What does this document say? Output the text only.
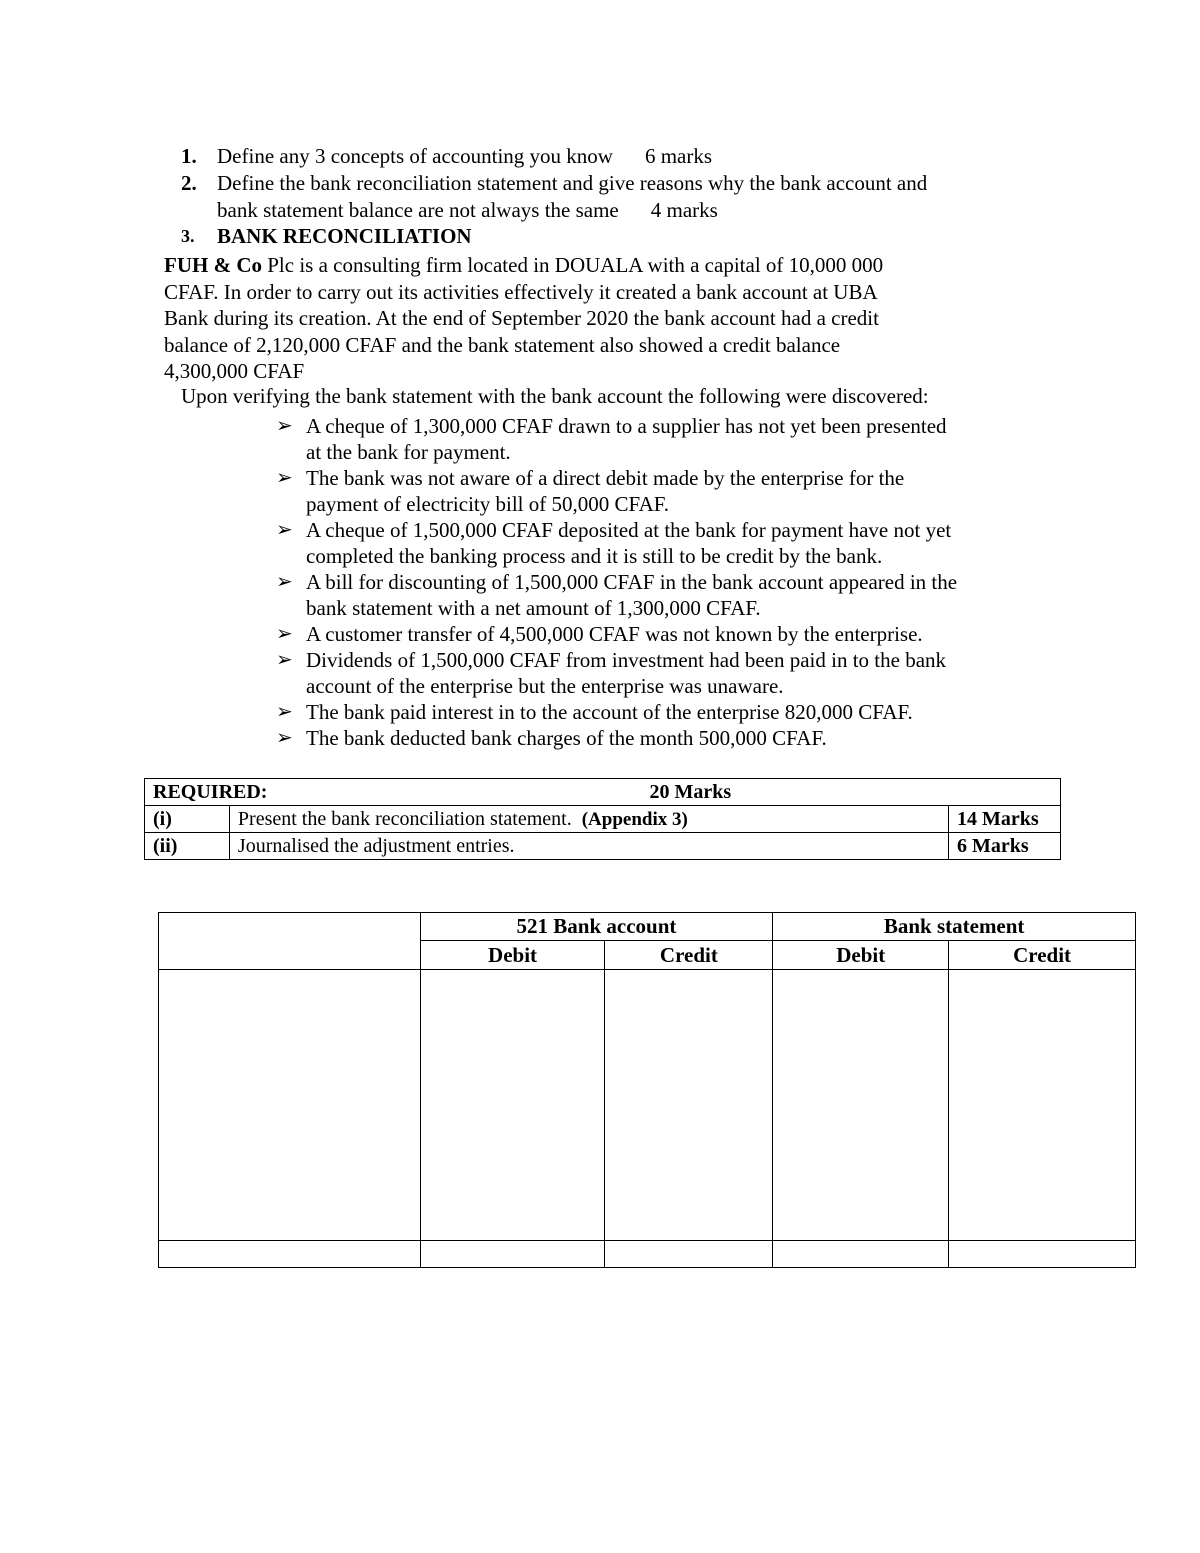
1. Define any 3 concepts of accounting you know 6 marks
2. Define the bank reconciliation statement and give reasons why the bank account and
bank statement balance are not always the same 4 marks
3. BANK RECONCILIATION
FUH & Co Plc is a consulting firm located in DOUALA with a capital of 10,000 000
CFAF. In order to carry out its activities effectively it created a bank account at UBA
Bank during its creation. At the end of September 2020 the bank account had a credit
balance of 2,120,000 CFAF and the bank statement also showed a credit balance
4,300,000 CFAF
Upon verifying the bank statement with the bank account the following were discovered:
➢ A cheque of 1,300,000 CFAF drawn to a supplier has not yet been presented
at the bank for payment.
➢ The bank was not aware of a direct debit made by the enterprise for the
payment of electricity bill of 50,000 CFAF.
➢ A cheque of 1,500,000 CFAF deposited at the bank for payment have not yet
completed the banking process and it is still to be credit by the bank.
➢ A bill for discounting of 1,500,000 CFAF in the bank account appeared in the
bank statement with a net amount of 1,300,000 CFAF.
➢ A customer transfer of 4,500,000 CFAF was not known by the enterprise.
➢ Dividends of 1,500,000 CFAF from investment had been paid in to the bank
account of the enterprise but the enterprise was unaware.
➢ The bank paid interest in to the account of the enterprise 820,000 CFAF.
➢ The bank deducted bank charges of the month 500,000 CFAF.
REQUIRED: 20 Marks		
(i)	Present the bank reconciliation statement. (Appendix 3)	14 Marks
(ii)	Journalised the adjustment entries.	6 Marks
	521 Bank account		Bank statement	
	Debit	Credit	Debit	Credit
